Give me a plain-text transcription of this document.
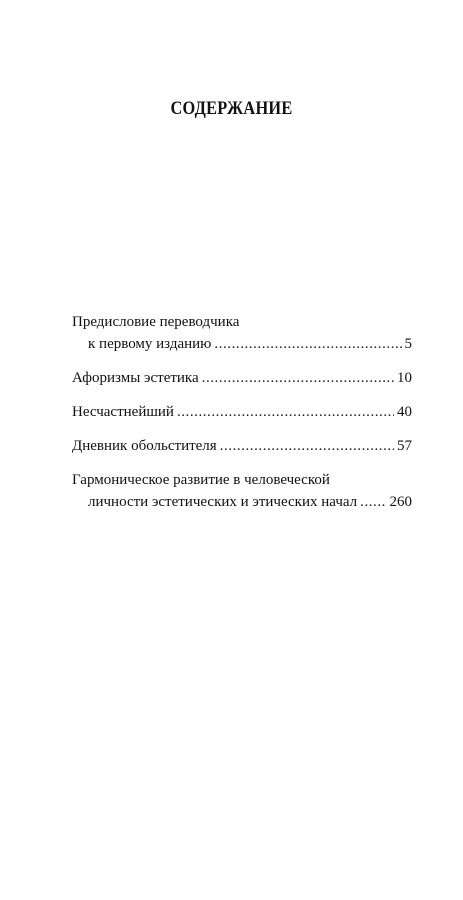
СОДЕРЖАНИЕ
Предисловие переводчика
к первому изданию . . .	5
Афоризмы эстетика . . .	10
Несчастнейший . . .	40
Дневник обольстителя . . .	57
Гармоническое развитие в человеческой
личности эстетических и этических начал . . . 260
